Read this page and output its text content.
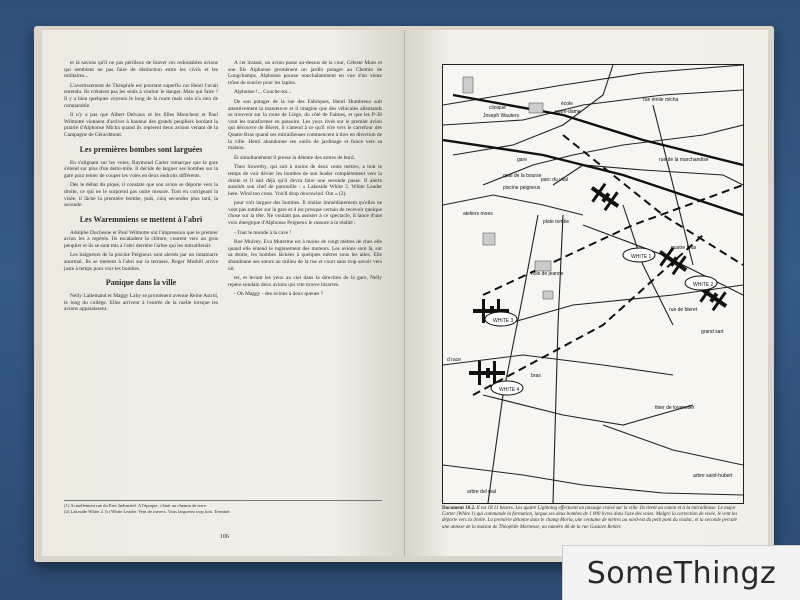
et là savons qu'il ne pas périlleux de braver ces redoutables avions qui semblent ne pas faire de distinction entre les civils et les militaires...

L'avertissement de Théophile est pourtant superflu car Henri l'avait entendu. Ils n'étaient pas les seuls à vouloir le danger. Mais qui faire ? Il y a bien quelques voyeurs le long de la route mais cela n'a rien de comparable.

Il n'y a pas que Albert Delvaux et les filles Moncheur et Paul Wilmotte viennent d'arriver à hauteur des grands peupliers bordant la prairie d'Alphonse Micha quand ils repèrent deux avions venant de la Campagne de Gérardmont.

Les premières bombes sont larguées

En s'alignant sur les voies, Raymond Carter remarque que la gare s'étend sur plus d'un demi-mile. Il décide de larguer ses bombes sur la gare pour tenter de couper les voies en deux endroits différents.

Dès le début du piqué, il constate que son avion se déporte vers la droite, ce qui ne le surprend pas outre mesure. Tout en corrigeant la visée, il lâche la première bombe, puis, cinq secondes plus tard, la seconde.

Les Waremmiens se mettent à l'abri

Adolphe Duchesne et Paul Wilmotte ont l'impression que le premier avion les a repérés. Ils escaladent la clôture, courent vers un gros peuplier et ils se sont mis à l'abri derrière l'arbre qui les mitraillerait.

Les baigneurs de la piscine Peigneux sont alertés par un tintamarre anormal. Ils se mettent à l'abri sur la terrasse. Roger Muthill arrive juste à temps pour voir les bombes.

Panique dans la ville

Nelly Lallemand et Maggy Laby se promènent avenue Reine Astrid, le long du collège. Elles arrivent à l'entrée de la ruelle lorsque les avions apparaissent.

A cet instant, un avion passe au-dessus de la cour, Céleste Moes et son fils Alphonse promènent un jardin potager au Chemin de Longchamps. Alphonse pousse nonchalamment en vue d'un vieux trône de sourire pour les lapins.

Alphonse !... Couche-toi...

De son potager de la rue des Fabriques, Henri Humbreux suit attentivement la manœuvre et il imagine que des véhicules allemands se trouvent sur la route de Liège, du côté de Faimes, et que les P-38 vont les transformer en passoire. Les yeux rivés sur le premier avion qui découvre de Bleret, il s'attend à ce qu'il vire vers le carrefour des Quatre Bras quand ses mitrailleuses commencent à tirer en direction de la ville. Henri abandonne ses outils de jardinage et fonce vers sa maison.

Et simultanément il presse la détente des armes de bord.

Theo Sowerby, qui suit à moins de deux cents mètres, a tout le temps de voir dévier les bombes de son leader complètement vers la droite et il sait déjà qu'il devra faire une seconde passe. Il alerte aussitôt son chef de patrouille : « Lakeside White 2. White Leader here. Wind too cross. You'll drop downwind. Out » (2).

pour voir larguer des bombes. Il réalise immédiatement qu'elles ne vont pas tomber sur la gare et il est presque certain de recevoir quelque chose sur la tête. Ne voulant pas assister à ce spectacle, il lance d'une voix énergique d'Alphonse Peigneux le rassure à la réalité :

- Tout le monde à la cave !

Roe Mulvey, Eva Muterme est à moins de vingt mètres de chez elle quand elle entend le rugissement des moteurs. Les avions sont là, sur sa droite, les bombes lâchées à quelques mètres sous les ailes. Elle abandonne ses sœurs au milieu de la rue et court sans trop savoir vers où.

ter, et levant les yeux au ciel dans la direction de la gare, Nelly repère soudain deux avions qui vite trouve bizarres.

- Oh Maggy - des avions à deux queues ?

(1) Actuellement rue du Parc Industriel. A l'époque, c'était un chemin de terre.
(2) Lakeside White 2. Ici White Leader. Vent de travers. Vous larguerez trop loin. Terminé.
106
WHITE 1
WHITE 2
WHITE 3
WHITE 4
clinique
Joseph Wauters
école
notre-dame
rue émile micha
gare	rue de la marchandise
quai de la bourse
parc du vital
piscine peigneux
ateliers moes
plate tombe
bois de jeanne
quatre bras
grand sart
rue de bleret
d race
bras
thier de lovenstier
arbre del mal
arbre saint-hubert
Document 10.2. Il est 18.11 heures. Les quatre Lightning effectuent un passage croisé sur la ville. Ils tirent au canon et à la mitrailleuse. Le major Carter (White 1) qui commande la formation, largue ses deux bombes de 1 000 livres dans l'axe des voies. Malgré la correction de visée, le vent les déporte vers la droite. La première détonne dans le champ Moria, une centaine de mètres au nord-est du petit pont du viaduc, et la seconde percute une annexe de la maison de Théophile Marnesse, au numéro 46 de la rue Gustave Renier.
SomeThingz
